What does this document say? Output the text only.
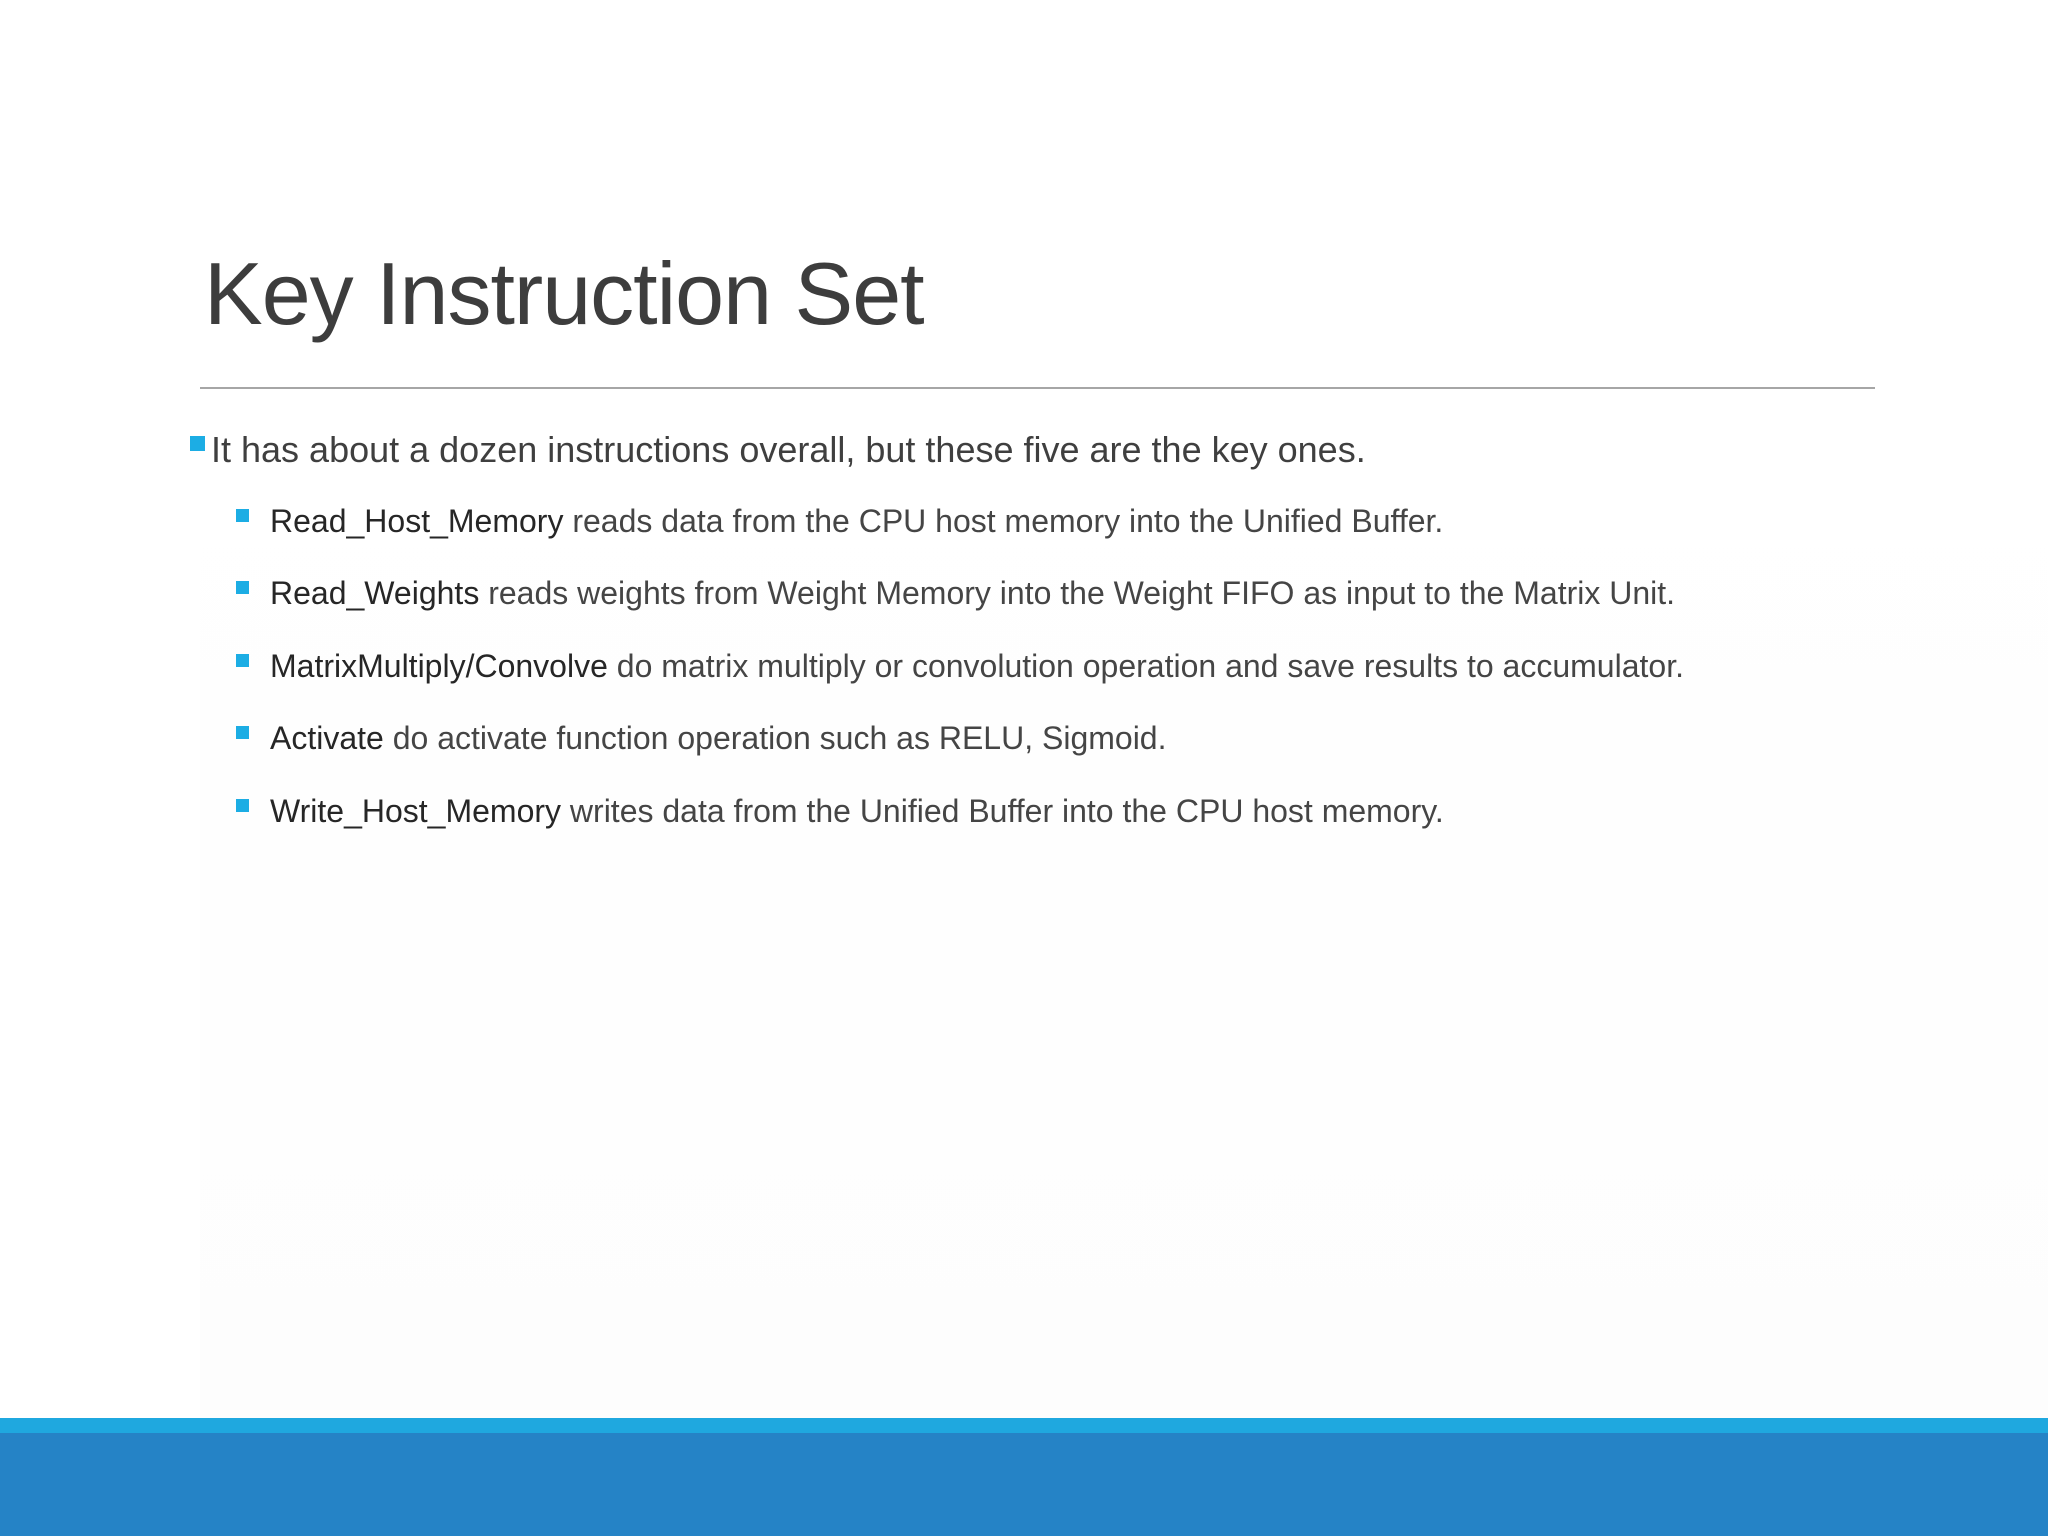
Key Instruction Set
It has about a dozen instructions overall, but these five are the key ones.
Read_Host_Memory reads data from the CPU host memory into the Unified Buffer.
Read_Weights reads weights from Weight Memory into the Weight FIFO as input to the Matrix Unit.
MatrixMultiply/Convolve do matrix multiply or convolution operation and save results to accumulator.
Activate do activate function operation such as RELU, Sigmoid.
Write_Host_Memory writes data from the Unified Buffer into the CPU host memory.
